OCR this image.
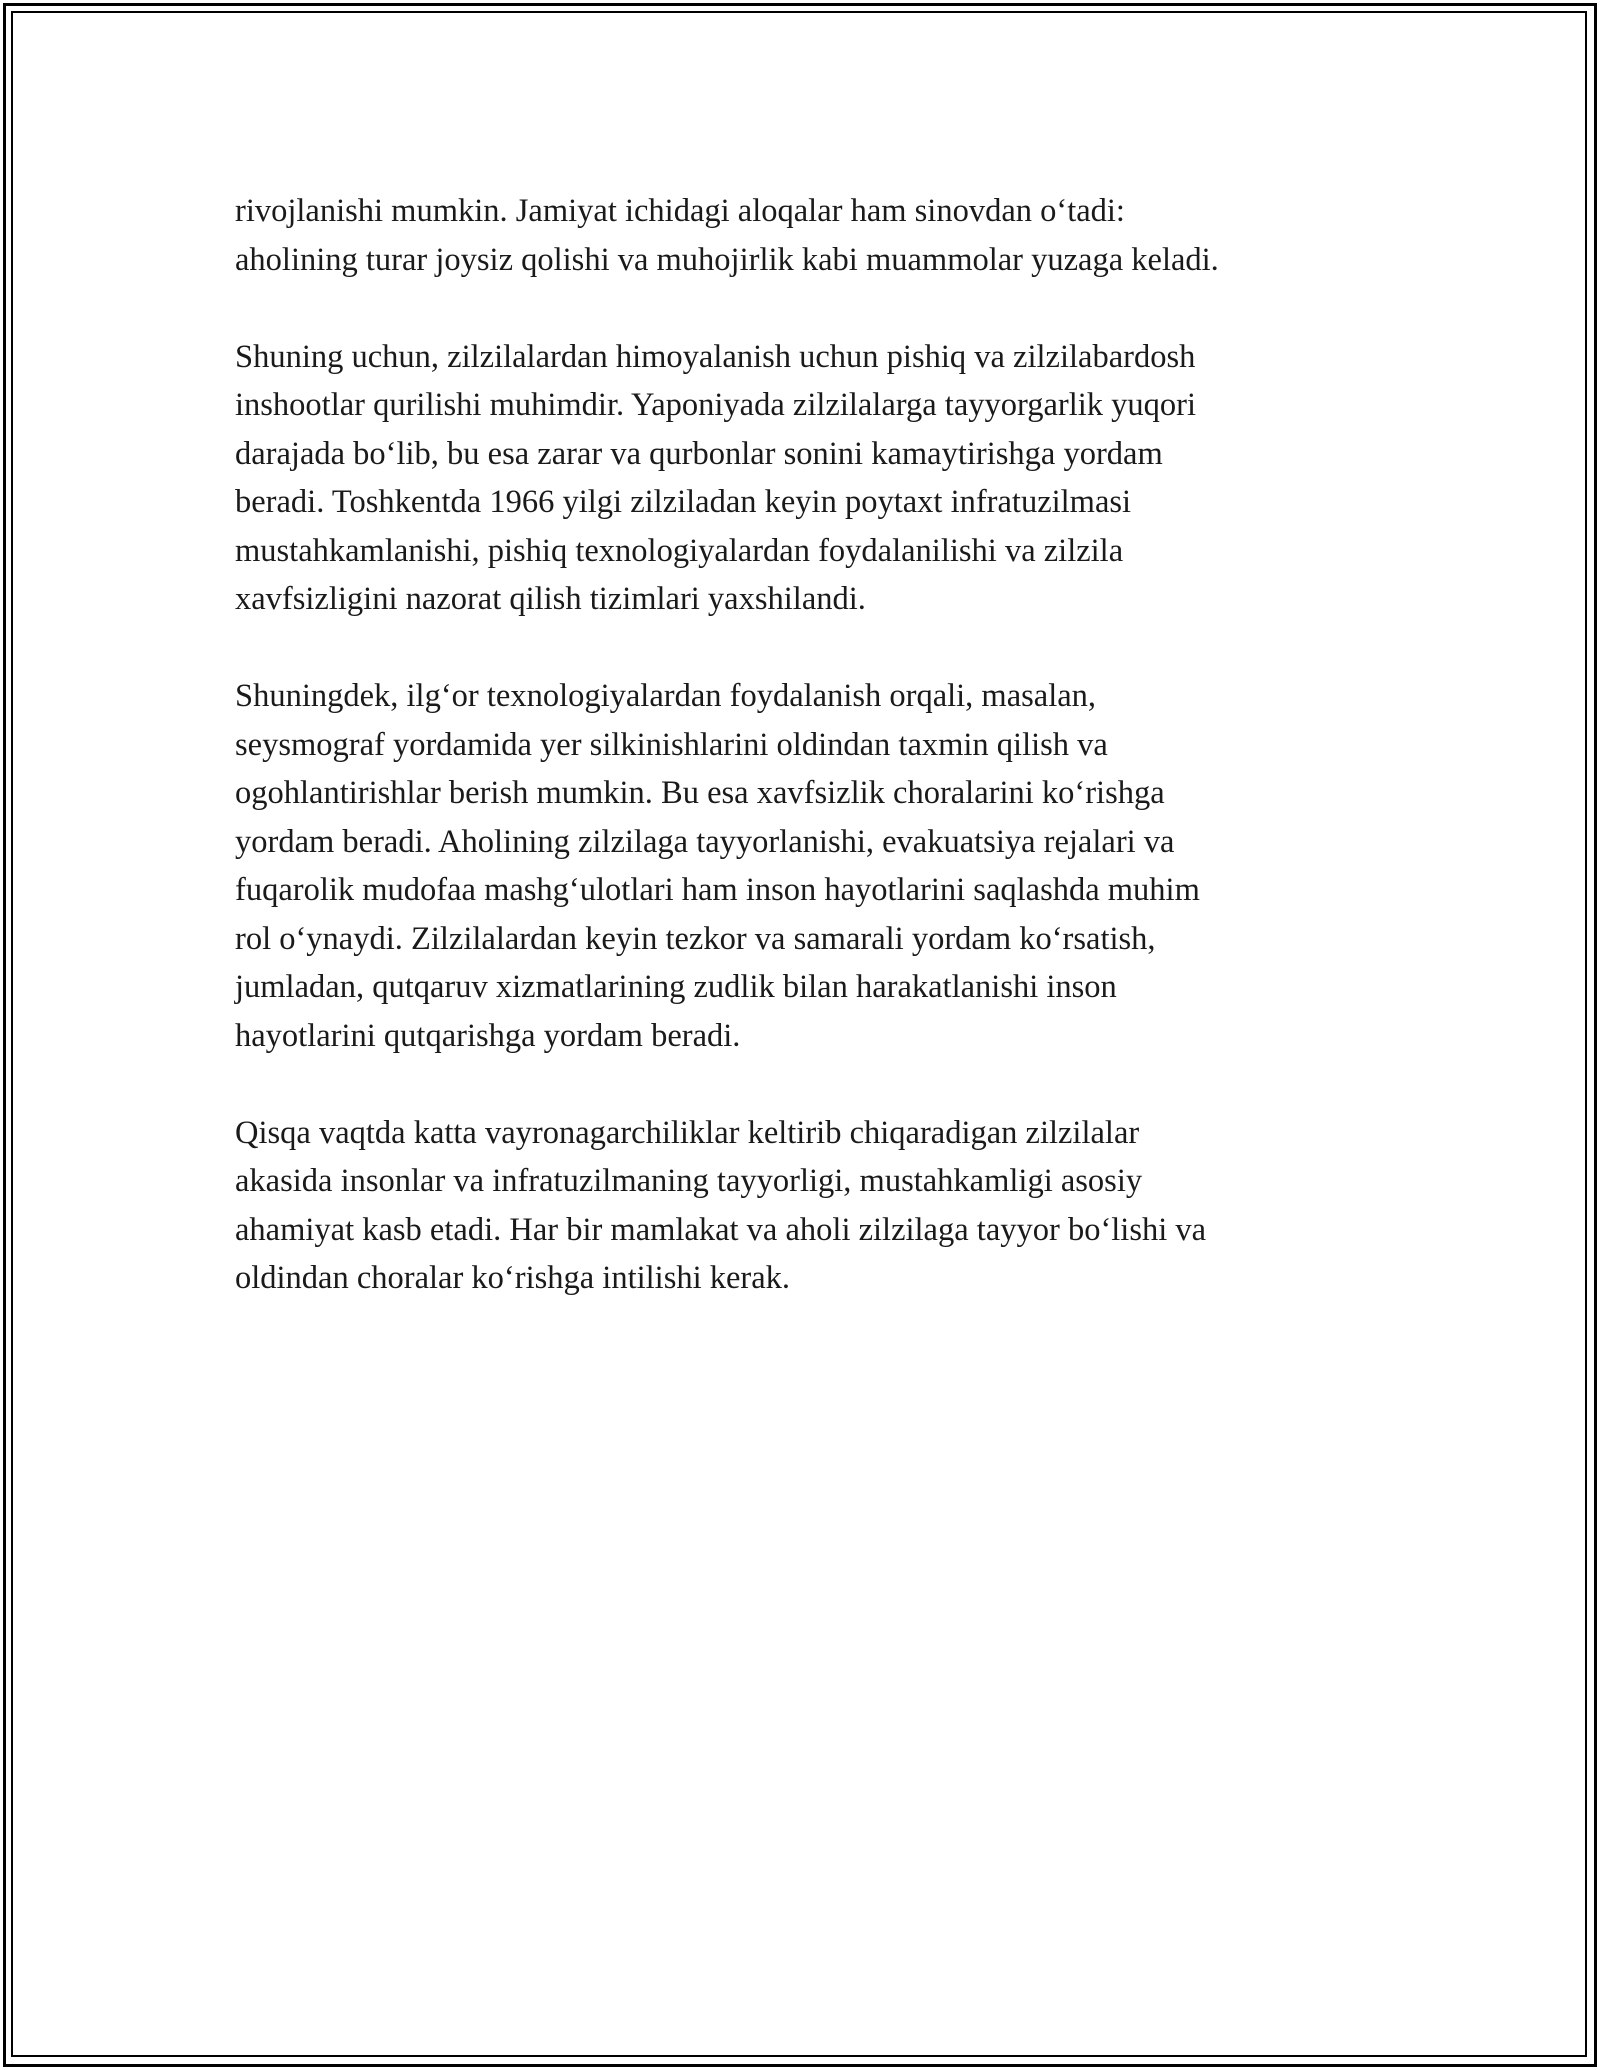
rivojlanishi mumkin. Jamiyat ichidagi aloqalar ham sinovdan o‘tadi:
aholining turar joysiz qolishi va muhojirlik kabi muammolar yuzaga keladi.

Shuning uchun, zilzilalardan himoyalanish uchun pishiq va zilzilabardosh
inshootlar qurilishi muhimdir. Yaponiyada zilzilalarga tayyorgarlik yuqori
darajada bo‘lib, bu esa zarar va qurbonlar sonini kamaytirishga yordam
beradi. Toshkentda 1966 yilgi zilziladan keyin poytaxt infratuzilmasi
mustahkamlanishi, pishiq texnologiyalardan foydalanilishi va zilzila
xavfsizligini nazorat qilish tizimlari yaxshilandi.

Shuningdek, ilg‘or texnologiyalardan foydalanish orqali, masalan,
seysmograf yordamida yer silkinishlarini oldindan taxmin qilish va
ogohlantirishlar berish mumkin. Bu esa xavfsizlik choralarini ko‘rishga
yordam beradi. Aholining zilzilaga tayyorlanishi, evakuatsiya rejalari va
fuqarolik mudofaa mashg‘ulotlari ham inson hayotlarini saqlashda muhim
rol o‘ynaydi. Zilzilalardan keyin tezkor va samarali yordam ko‘rsatish,
jumladan, qutqaruv xizmatlarining zudlik bilan harakatlanishi inson
hayotlarini qutqarishga yordam beradi.

Qisqa vaqtda katta vayronagarchiliklar keltirib chiqaradigan zilzilalar
akasida insonlar va infratuzilmaning tayyorligi, mustahkamligi asosiy
ahamiyat kasb etadi. Har bir mamlakat va aholi zilzilaga tayyor bo‘lishi va
oldindan choralar ko‘rishga intilishi kerak.
